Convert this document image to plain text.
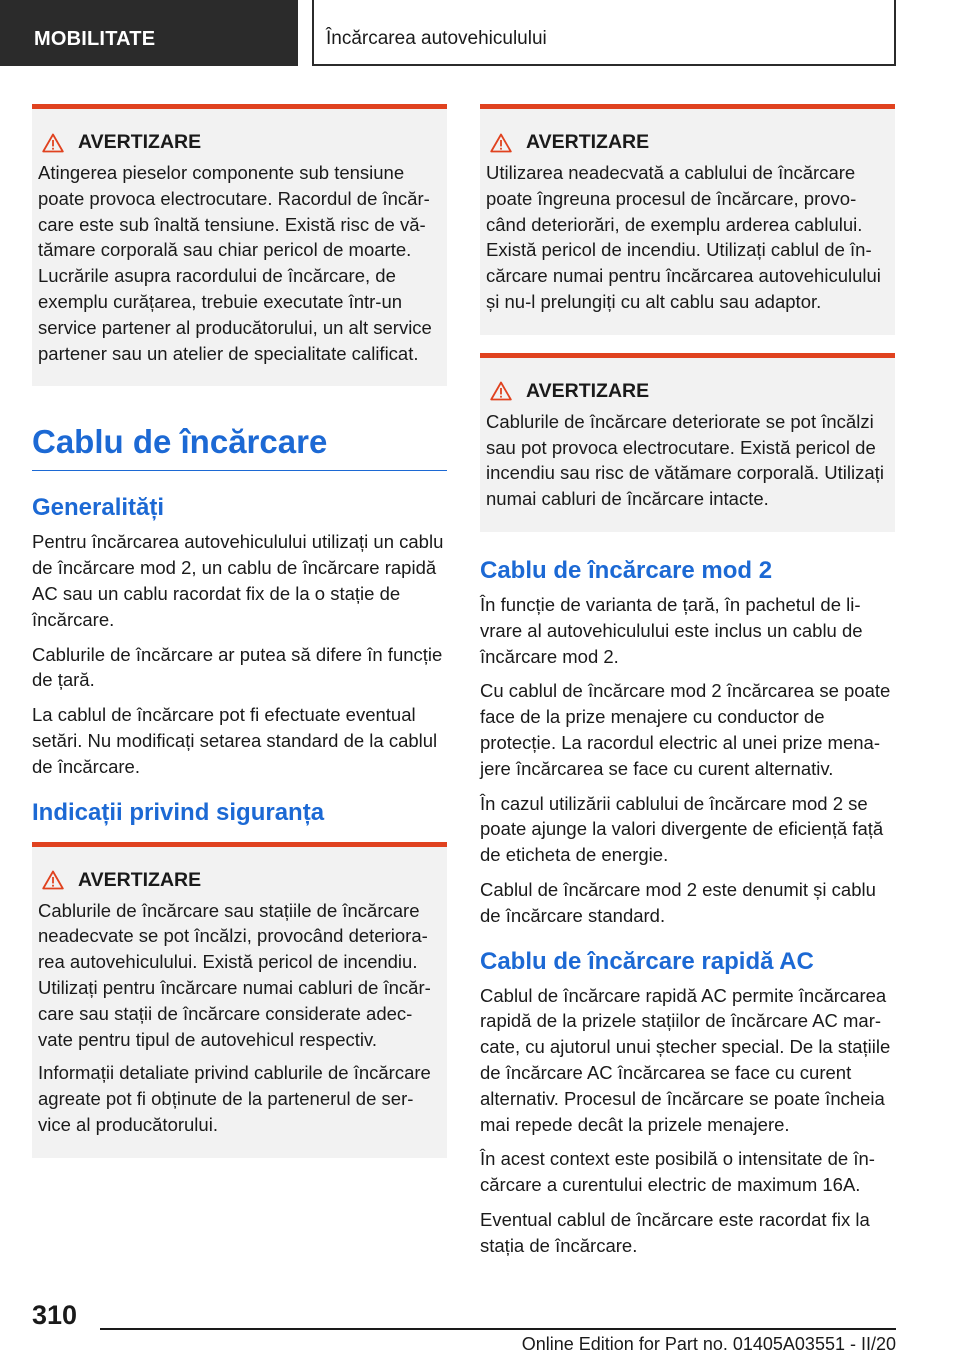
MOBILITATE	Încărcarea autovehiculului
AVERTIZARE

Atingerea pieselor componente sub tensiune poate provoca electrocutare. Racordul de încărcare este sub înaltă tensiune. Există risc de vătămare corporală sau chiar pericol de moarte. Lucrările asupra racordului de încărcare, de exemplu curățarea, trebuie executate într-un service partener al producătorului, un alt service partener sau un atelier de specialitate calificat.

Cablu de încărcare
Generalități

Pentru încărcarea autovehiculului utilizați un cablu de încărcare mod 2, un cablu de încărcare rapidă AC sau un cablu racordat fix de la o stație de încărcare.

Cablurile de încărcare ar putea să difere în funcție de țară.

La cablul de încărcare pot fi efectuate eventual setări. Nu modificați setarea standard de la cablul de încărcare.

Indicații privind siguranța
AVERTIZARE

Cablurile de încărcare sau stațiile de încărcare neadecvate se pot încălzi, provocând deteriorarea autovehiculului. Există pericol de incendiu. Utilizați pentru încărcare numai cabluri de încărcare sau stații de încărcare considerate adecvate pentru tipul de autovehicul respectiv.

Informații detaliate privind cablurile de încărcare agreate pot fi obținute de la partenerul de service al producătorului.

AVERTIZARE

Utilizarea neadecvată a cablului de încărcare poate îngreuna procesul de încărcare, provocând deteriorări, de exemplu arderea cablului. Există pericol de incendiu. Utilizați cablul de încărcare numai pentru încărcarea autovehiculului și nu-l prelungiți cu alt cablu sau adaptor.

AVERTIZARE

Cablurile de încărcare deteriorate se pot încălzi sau pot provoca electrocutare. Există pericol de incendiu sau risc de vătămare corporală. Utilizați numai cabluri de încărcare intacte.

Cablu de încărcare mod 2

În funcție de varianta de țară, în pachetul de livrare al autovehiculului este inclus un cablu de încărcare mod 2.

Cu cablul de încărcare mod 2 încărcarea se poate face de la prize menajere cu conductor de protecție. La racordul electric al unei prize menajere încărcarea se face cu curent alternativ.

În cazul utilizării cablului de încărcare mod 2 se poate ajunge la valori divergente de eficiență față de eticheta de energie.

Cablul de încărcare mod 2 este denumit și cablu de încărcare standard.

Cablu de încărcare rapidă AC

Cablul de încărcare rapidă AC permite încărcarea rapidă de la prizele stațiilor de încărcare AC marcate, cu ajutorul unui ștecher special. De la stațiile de încărcare AC încărcarea se face cu curent alternativ. Procesul de încărcare se poate încheia mai repede decât la prizele menajere.

În acest context este posibilă o intensitate de încărcare a curentului electric de maximum 16A.

Eventual cablul de încărcare este racordat fix la stația de încărcare.

310
Online Edition for Part no. 01405A03551 - II/20
